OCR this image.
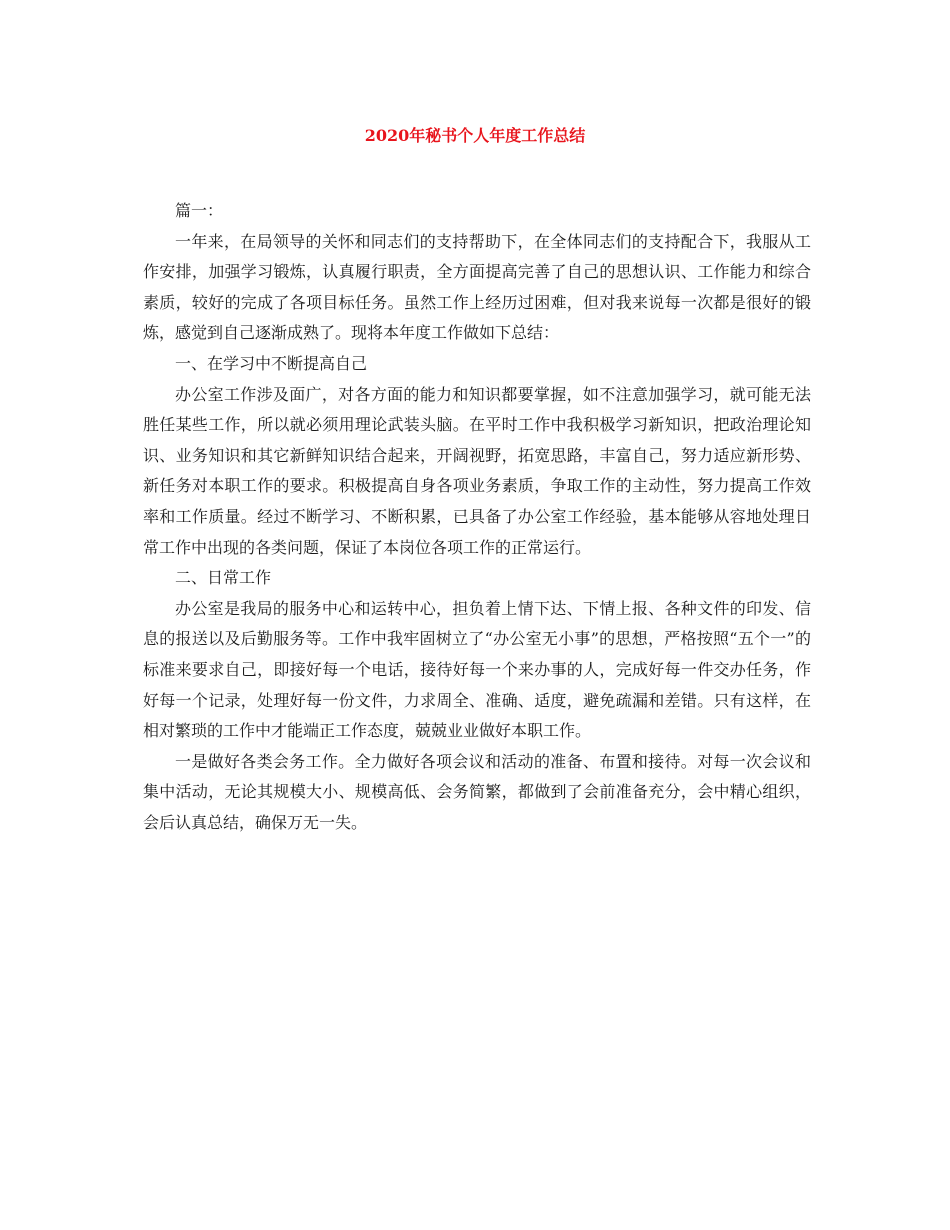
2020年秘书个人年度工作总结

篇一：

一年来，在局领导的关怀和同志们的支持帮助下，在全体同志们的支持配合下，我服从工作安排，加强学习锻炼，认真履行职责，全方面提高完善了自己的思想认识、工作能力和综合素质，较好的完成了各项目标任务。虽然工作上经历过困难，但对我来说每一次都是很好的锻炼，感觉到自己逐渐成熟了。现将本年度工作做如下总结：

一、在学习中不断提高自己

办公室工作涉及面广，对各方面的能力和知识都要掌握，如不注意加强学习，就可能无法胜任某些工作，所以就必须用理论武装头脑。在平时工作中我积极学习新知识，把政治理论知识、业务知识和其它新鲜知识结合起来，开阔视野，拓宽思路，丰富自己，努力适应新形势、新任务对本职工作的要求。积极提高自身各项业务素质，争取工作的主动性，努力提高工作效率和工作质量。经过不断学习、不断积累，已具备了办公室工作经验，基本能够从容地处理日常工作中出现的各类问题，保证了本岗位各项工作的正常运行。

二、日常工作

办公室是我局的服务中心和运转中心，担负着上情下达、下情上报、各种文件的印发、信息的报送以及后勤服务等。工作中我牢固树立了“办公室无小事”的思想，严格按照“五个一”的标准来要求自己，即接好每一个电话，接待好每一个来办事的人，完成好每一件交办任务，作好每一个记录，处理好每一份文件，力求周全、准确、适度，避免疏漏和差错。只有这样，在相对繁琐的工作中才能端正工作态度，兢兢业业做好本职工作。

一是做好各类会务工作。全力做好各项会议和活动的准备、布置和接待。对每一次会议和集中活动，无论其规模大小、规模高低、会务简繁，都做到了会前准备充分，会中精心组织，会后认真总结，确保万无一失。
